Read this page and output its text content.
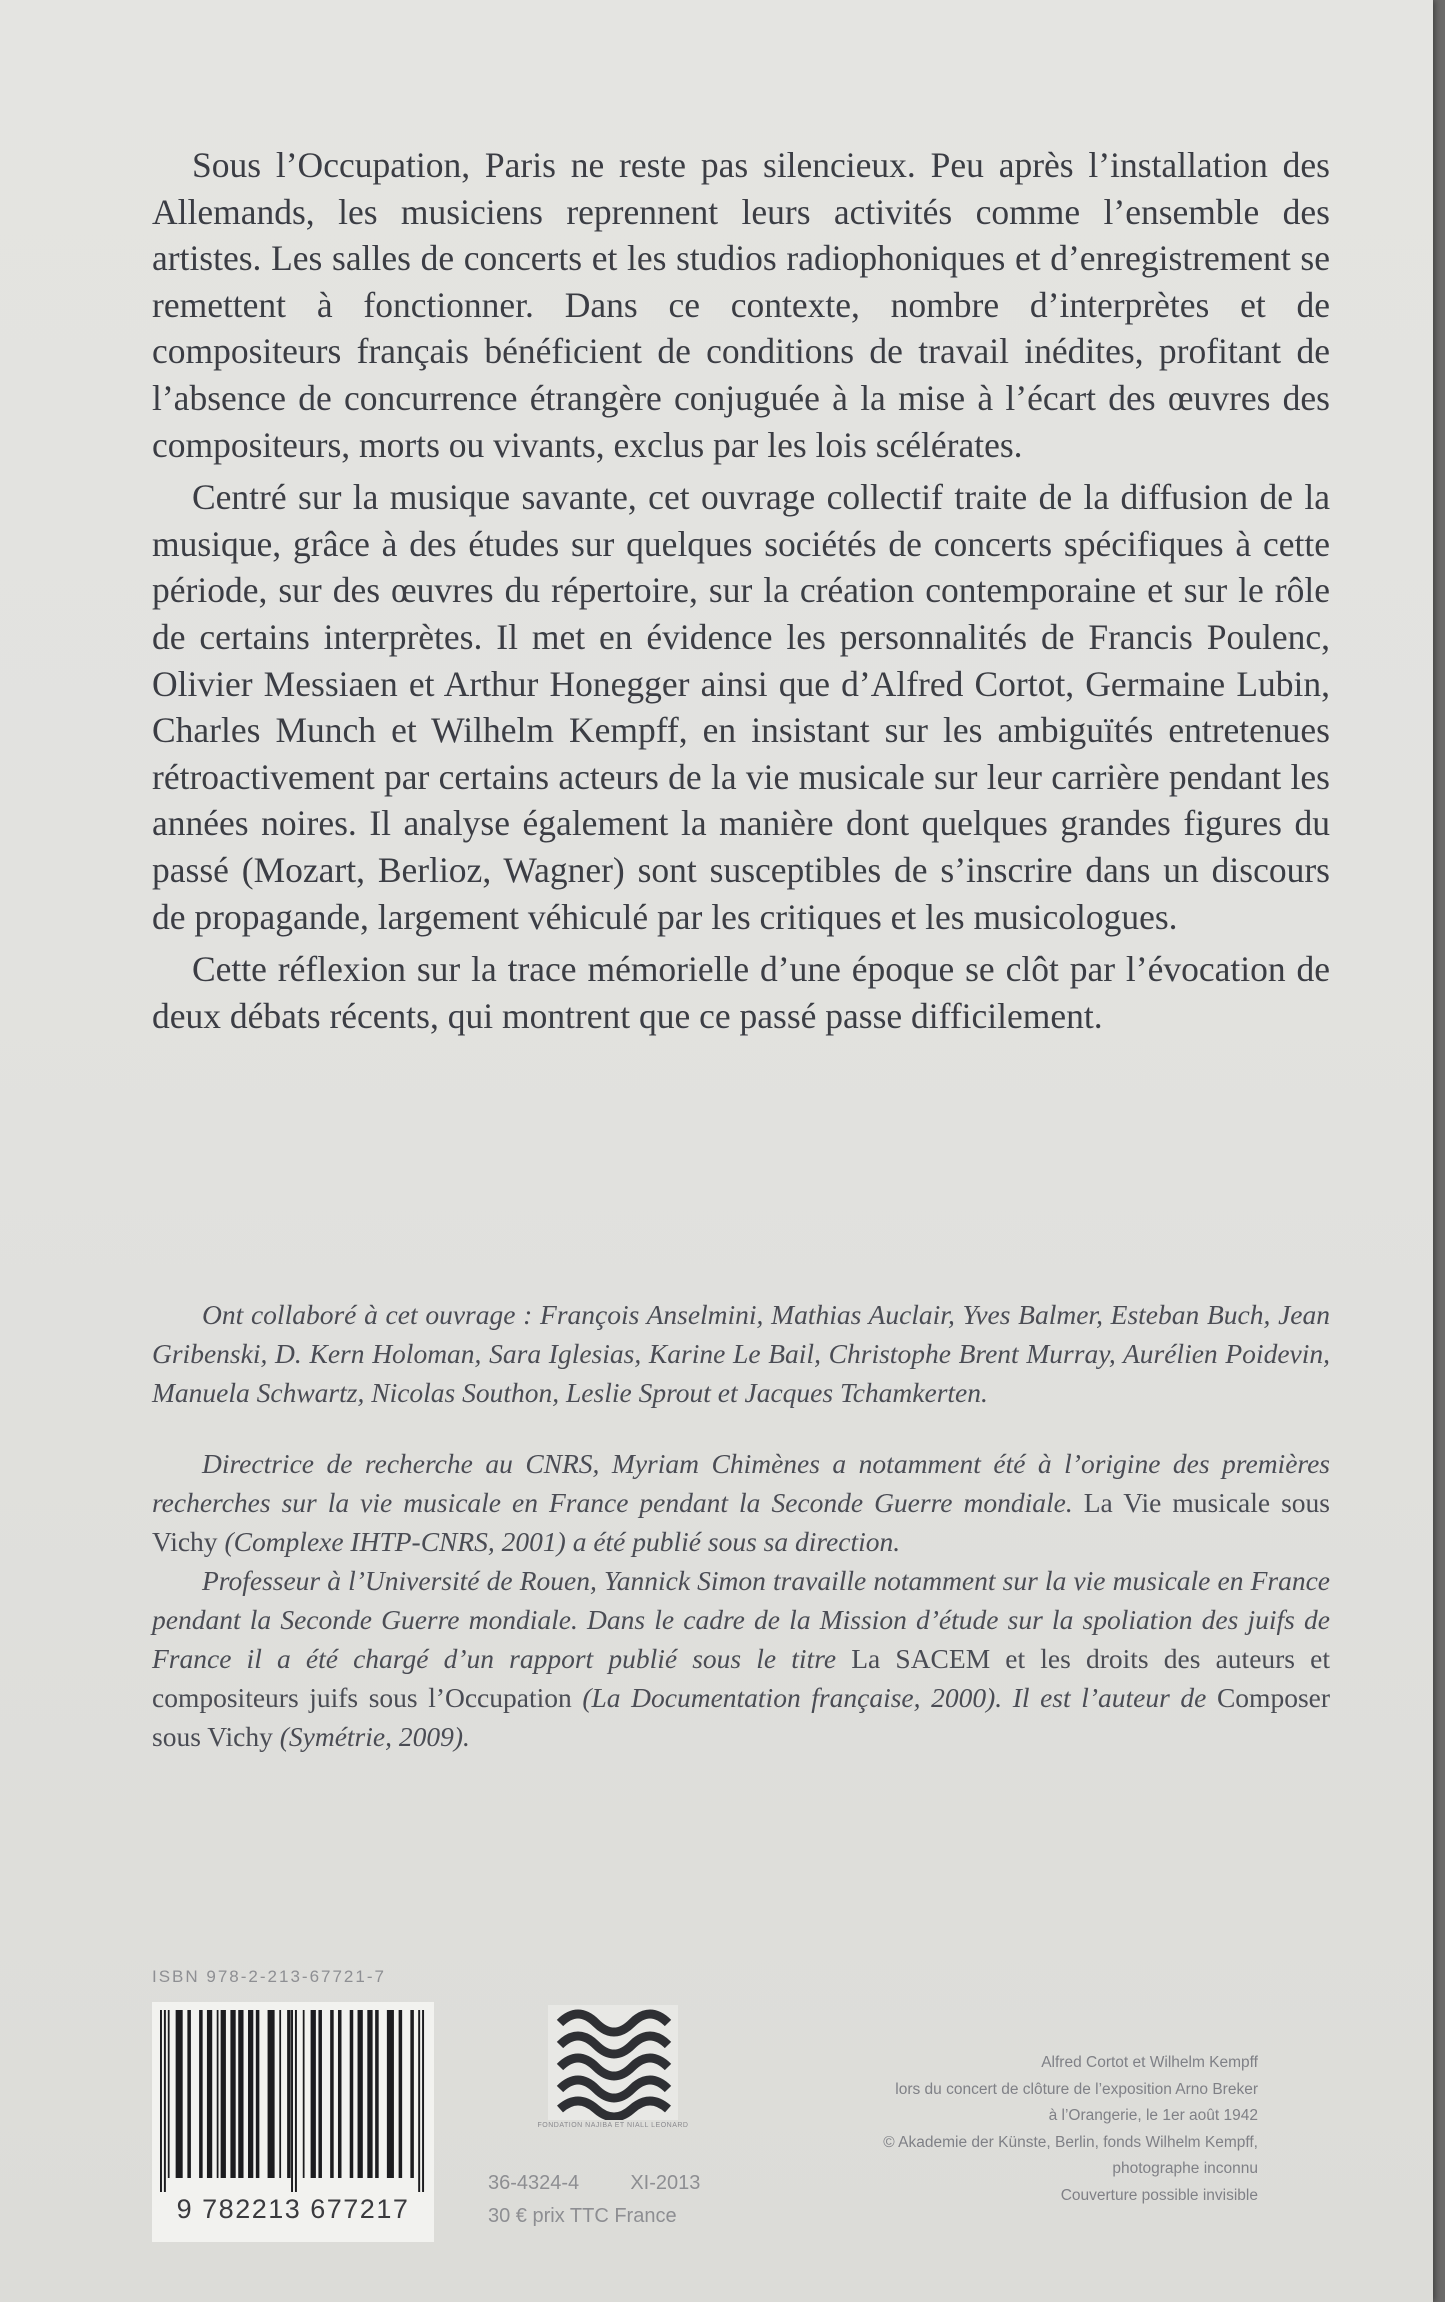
Sous l’Occupation, Paris ne reste pas silencieux. Peu après l’installation des Allemands, les musiciens reprennent leurs activités comme l’ensemble des artistes. Les salles de concerts et les studios radiophoniques et d’enregistrement se remettent à fonctionner. Dans ce contexte, nombre d’interprètes et de compositeurs français bénéficient de conditions de travail inédites, profitant de l’absence de concurrence étrangère conjuguée à la mise à l’écart des œuvres des compositeurs, morts ou vivants, exclus par les lois scélérates.

Centré sur la musique savante, cet ouvrage collectif traite de la diffusion de la musique, grâce à des études sur quelques sociétés de concerts spécifiques à cette période, sur des œuvres du répertoire, sur la création contemporaine et sur le rôle de certains interprètes. Il met en évidence les personnalités de Francis Poulenc, Olivier Messiaen et Arthur Honegger ainsi que d’Alfred Cortot, Germaine Lubin, Charles Munch et Wilhelm Kempff, en insistant sur les ambiguïtés entretenues rétroactivement par certains acteurs de la vie musicale sur leur carrière pendant les années noires. Il analyse également la manière dont quelques grandes figures du passé (Mozart, Berlioz, Wagner) sont susceptibles de s’inscrire dans un discours de propagande, largement véhiculé par les critiques et les musicologues.

Cette réflexion sur la trace mémorielle d’une époque se clôt par l’évocation de deux débats récents, qui montrent que ce passé passe difficilement.

Ont collaboré à cet ouvrage : François Anselmini, Mathias Auclair, Yves Balmer, Esteban Buch, Jean Gribenski, D. Kern Holoman, Sara Iglesias, Karine Le Bail, Christophe Brent Murray, Aurélien Poidevin, Manuela Schwartz, Nicolas Southon, Leslie Sprout et Jacques Tchamkerten.

Directrice de recherche au CNRS, Myriam Chimènes a notamment été à l’origine des premières recherches sur la vie musicale en France pendant la Seconde Guerre mondiale. La Vie musicale sous Vichy (Complexe IHTP-CNRS, 2001) a été publié sous sa direction.

Professeur à l’Université de Rouen, Yannick Simon travaille notamment sur la vie musicale en France pendant la Seconde Guerre mondiale. Dans le cadre de la Mission d’étude sur la spoliation des juifs de France il a été chargé d’un rapport publié sous le titre La SACEM et les droits des auteurs et compositeurs juifs sous l’Occupation (La Documentation française, 2000). Il est l’auteur de Composer sous Vichy (Symétrie, 2009).

ISBN 978-2-213-67721-7
9 782213 677217
FONDATION NAJIBA ET NIALL LEONARD
36-4324-4	XI-2013
30 € prix TTC France
Alfred Cortot et Wilhelm Kempff
lors du concert de clôture de l’exposition Arno Breker
à l’Orangerie, le 1er août 1942
© Akademie der Künste, Berlin, fonds Wilhelm Kempff,
photographe inconnu
Couverture possible invisible
